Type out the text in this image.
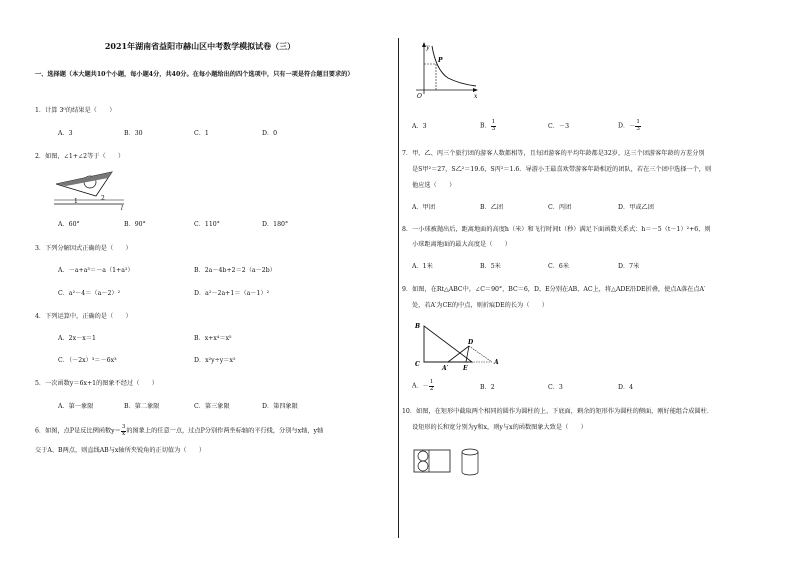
2021年湖南省益阳市赫山区中考数学模拟试卷（三）
一、选择题（本大题共10个小题，每小题4分，共40分。在每小题给出的四个选项中，只有一项是符合题目要求的）
1．计算 3⁰的结果是（　　）
A．3	B．30	C．1	D．0
2．如图，∠1+∠2等于（　　）
1	2
l
A．60°	B．90°	C．110°	D．180°
3．下列分解因式正确的是（　　）
A．－a+a³＝－a（1+a²）	B．2a－4b+2＝2（a－2b）
C．a²－4＝（a－2）²	D．a²－2a+1＝（a－1）²
4．下列运算中，正确的是（　　）
A．2x－x＝1	B．x+x⁴＝x⁵
C．（－2x）³＝－6x³	D．x²y÷y＝x²
5．一次函数y＝6x+1的图象不经过（　　）
A．第一象限	B．第二象限	C．第三象限	D．第四象限
6．如图，点P是反比例函数$y= \frac{3}{x}$ 的图象上的任意一点，过点P分别作两坐标轴的平行线，分别与x轴，y轴
交于A、B两点，则直线AB与x轴所夹锐角的正切值为（　　）
y
x
O
P
A．3	B． $\frac{1}{3}$	C．－3	D．－ $\frac{1}{3}$
7．甲、乙、丙三个旅行团的游客人数都相等，且每团游客的平均年龄都是32岁，这三个团游客年龄的方差分别
是S甲²＝27，S乙²＝19.6，S丙²＝1.6．导游小王最喜欢带游客年龄相近的团队，若在三个团中选择一个，则
他应选（　　）
A．甲团	B．乙团	C．丙团	D．甲或乙团
8．一小球被抛出后，距离地面的高度h（米）和飞行时间t（秒）满足下面函数关系式：h＝－5（t－1）²+6，则
小球距离地面的最大高度是（　　）
A．1米	B．5米	C．6米	D．7米
9．如图，在Rt△ABC中，∠C＝90°，BC＝6，D，E分别在AB、AC上，将△ADE沿DE折叠，使点A落在点A′
处，若A′为CE的中点，则折痕DE的长为（　　）
B
C
D
A
A′ E
A．－ $\frac{1}{2}$	B．2	C．3	D．4
10．如图，在矩形中截取两个相同的圆作为圆柱的上、下底面，剩余的矩形作为圆柱的侧面，刚好能组合成圆柱．
设矩形的长和宽分别为y和x，则y与x的函数图象大致是（　　）
